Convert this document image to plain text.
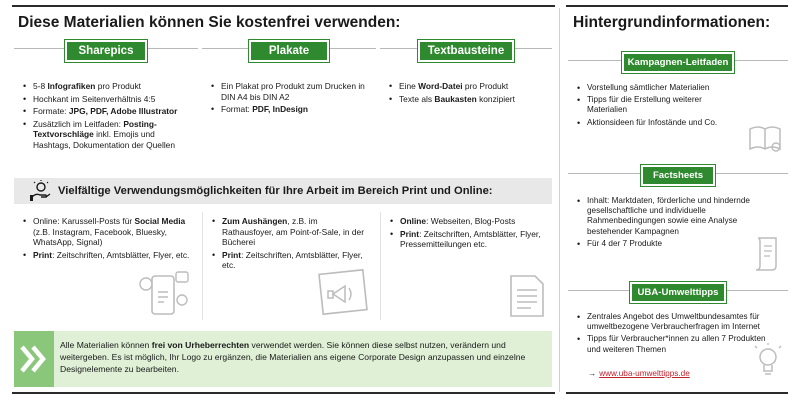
Diese Materialien können Sie kostenfrei verwenden:	Hintergrundinformationen:
Sharepics
• 5-8 Infografiken pro Produkt
• Hochkant im Seitenverhältnis 4:5
• Formate: JPG, PDF, Adobe Illustrator
• Zusätzlich im Leitfaden: Posting-Textvorschläge inkl. Emojis und Hashtags, Dokumentation der Quellen
Plakate
• Ein Plakat pro Produkt zum Drucken in DIN A4 bis DIN A2
• Format: PDF, InDesign
Textbausteine
• Eine Word-Datei pro Produkt
• Texte als Baukasten konzipiert
Vielfältige Verwendungsmöglichkeiten für Ihre Arbeit im Bereich Print und Online:
• Online: Karussell-Posts für Social Media (z.B. Instagram, Facebook, Bluesky, WhatsApp, Signal)
• Print: Zeitschriften, Amtsblätter, Flyer, etc.
• Zum Aushängen, z.B. im Rathausfoyer, am Point-of-Sale, in der Bücherei
• Print: Zeitschriften, Amtsblätter, Flyer, etc.
• Online: Webseiten, Blog-Posts
• Print: Zeitschriften, Amtsblätter, Flyer, Pressemitteilungen etc.
Alle Materialien können frei von Urheberrechten verwendet werden. Sie können diese selbst nutzen, verändern und weitergeben. Es ist möglich, Ihr Logo zu ergänzen, die Materialien ans eigene Corporate Design anzupassen und einzelne Designelemente zu bearbeiten.
Kampagnen-Leitfaden
• Vorstellung sämtlicher Materialien
• Tipps für die Erstellung weiterer Materialien
• Aktionsideen für Infostände und Co.
Factsheets
• Inhalt: Marktdaten, förderliche und hindernde gesellschaftliche und individuelle Rahmenbedingungen sowie eine Analyse bestehender Kampagnen
• Für 4 der 7 Produkte
UBA-Umwelttipps
• Zentrales Angebot des Umweltbundesamtes für umweltbezogene Verbraucherfragen im Internet
• Tipps für Verbraucher*innen zu allen 7 Produkten und weiteren Themen
→ www.uba-umwelttipps.de
